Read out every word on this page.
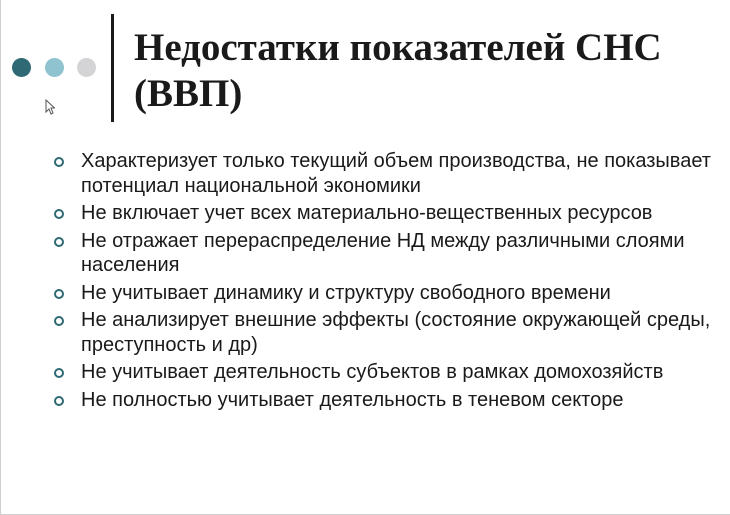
Недостатки показателей СНС
(ВВП)
Характеризует только текущий объем производства, не показывает потенциал национальной экономики
Не включает учет всех материально-вещественных ресурсов
Не отражает перераспределение НД между различными слоями населения
Не учитывает динамику и структуру свободного времени
Не анализирует внешние эффекты (состояние окружающей среды, преступность и др)
Не учитывает деятельность субъектов в рамках домохозяйств
Не полностью учитывает деятельность в теневом секторе
